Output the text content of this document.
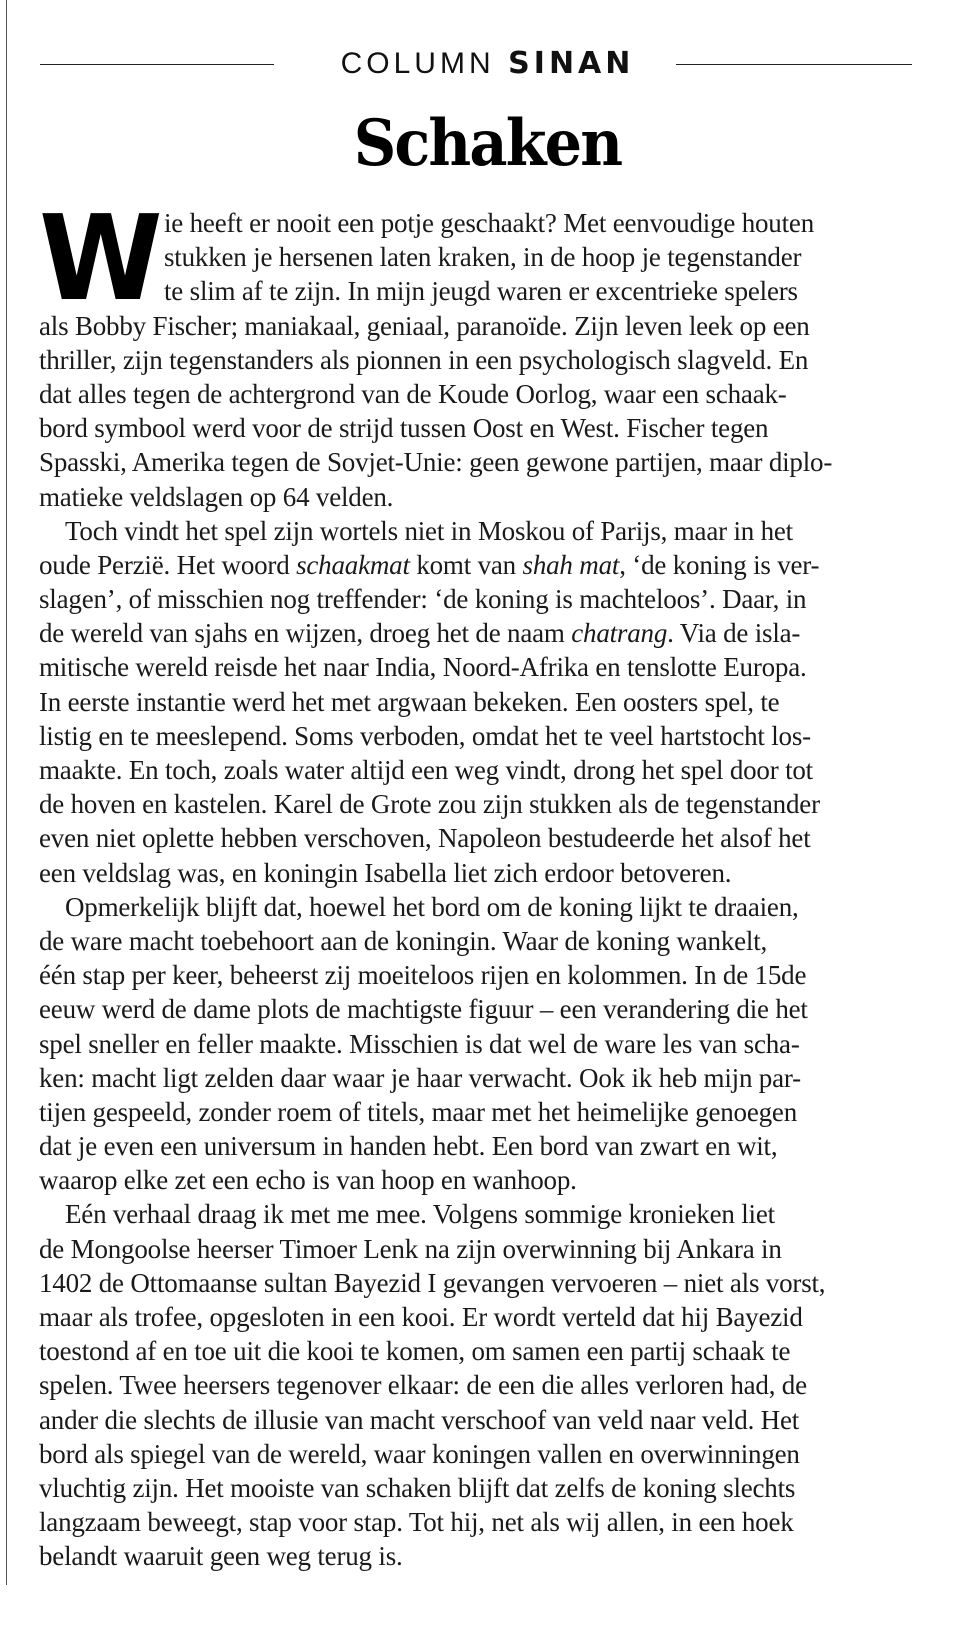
COLUMN SINAN
Schaken
W ie heeft er nooit een potje geschaakt? Met eenvoudige houten
stukken je hersenen laten kraken, in de hoop je tegenstander
te slim af te zijn. In mijn jeugd waren er excentrieke spelers
als Bobby Fischer; maniakaal, geniaal, paranoïde. Zijn leven leek op een
thriller, zijn tegenstanders als pionnen in een psychologisch slagveld. En
dat alles tegen de achtergrond van de Koude Oorlog, waar een schaak-
bord symbool werd voor de strijd tussen Oost en West. Fischer tegen
Spasski, Amerika tegen de Sovjet-Unie: geen gewone partijen, maar diplo-
matieke veldslagen op 64 velden.
Toch vindt het spel zijn wortels niet in Moskou of Parijs, maar in het
oude Perzië. Het woord schaakmat komt van shah mat, ‘de koning is ver-
slagen’, of misschien nog treffender: ‘de koning is machteloos’. Daar, in
de wereld van sjahs en wijzen, droeg het de naam chatrang. Via de isla-
mitische wereld reisde het naar India, Noord-Afrika en tenslotte Europa.
In eerste instantie werd het met argwaan bekeken. Een oosters spel, te
listig en te meeslepend. Soms verboden, omdat het te veel hartstocht los-
maakte. En toch, zoals water altijd een weg vindt, drong het spel door tot
de hoven en kastelen. Karel de Grote zou zijn stukken als de tegenstander
even niet oplette hebben verschoven, Napoleon bestudeerde het alsof het
een veldslag was, en koningin Isabella liet zich erdoor betoveren.
Opmerkelijk blijft dat, hoewel het bord om de koning lijkt te draaien,
de ware macht toebehoort aan de koningin. Waar de koning wankelt,
één stap per keer, beheerst zij moeiteloos rijen en kolommen. In de 15de
eeuw werd de dame plots de machtigste figuur – een verandering die het
spel sneller en feller maakte. Misschien is dat wel de ware les van scha-
ken: macht ligt zelden daar waar je haar verwacht. Ook ik heb mijn par-
tijen gespeeld, zonder roem of titels, maar met het heimelijke genoegen
dat je even een universum in handen hebt. Een bord van zwart en wit,
waarop elke zet een echo is van hoop en wanhoop.
Eén verhaal draag ik met me mee. Volgens sommige kronieken liet
de Mongoolse heerser Timoer Lenk na zijn overwinning bij Ankara in
1402 de Ottomaanse sultan Bayezid I gevangen vervoeren – niet als vorst,
maar als trofee, opgesloten in een kooi. Er wordt verteld dat hij Bayezid
toestond af en toe uit die kooi te komen, om samen een partij schaak te
spelen. Twee heersers tegenover elkaar: de een die alles verloren had, de
ander die slechts de illusie van macht verschoof van veld naar veld. Het
bord als spiegel van de wereld, waar koningen vallen en overwinningen
vluchtig zijn. Het mooiste van schaken blijft dat zelfs de koning slechts
langzaam beweegt, stap voor stap. Tot hij, net als wij allen, in een hoek
belandt waaruit geen weg terug is.
